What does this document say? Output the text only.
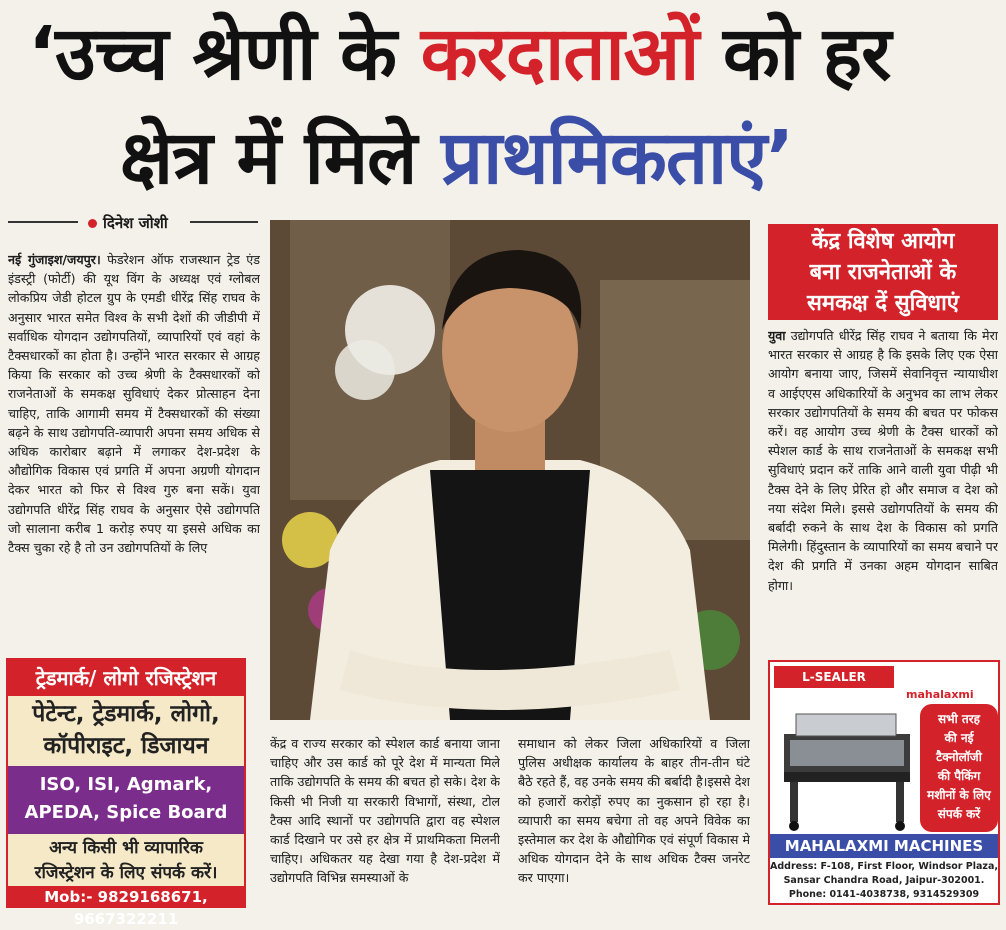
‘उच्च श्रेणी के करदाताओं को हर
क्षेत्र में मिले प्राथमिकताएं’
दिनेश जोशी
नई गुंजाइश/जयपुर। फेडरेशन ऑफ राजस्थान ट्रेड एंड इंडस्ट्री (फोर्टी) की यूथ विंग के अध्यक्ष एवं ग्लोबल लोकप्रिय जेडी होटल ग्रुप के एमडी धीरेंद्र सिंह राघव के अनुसार भारत समेत विश्व के सभी देशों की जीडीपी में सर्वाधिक योगदान उद्योगपतियों, व्यापारियों एवं वहां के टैक्सधारकों का होता है। उन्होंने भारत सरकार से आग्रह किया कि सरकार को उच्च श्रेणी के टैक्सधारकों को राजनेताओं के समकक्ष सुविधाएं देकर प्रोत्साहन देना चाहिए, ताकि आगामी समय में टैक्सधारकों की संख्या बढ़ने के साथ उद्योगपति-व्यापारी अपना समय अधिक से अधिक कारोबार बढ़ाने में लगाकर देश-प्रदेश के औद्योगिक विकास एवं प्रगति में अपना अग्रणी योगदान देकर भारत को फिर से विश्व गुरु बना सकें। युवा उद्योगपति धीरेंद्र सिंह राघव के अनुसार ऐसे उद्योगपति जो सालाना करीब 1 करोड़ रुपए या इससे अधिक का टैक्स चुका रहे है तो उन उद्योगपतियों के लिए
केंद्र व राज्य सरकार को स्पेशल कार्ड बनाया जाना चाहिए और उस कार्ड को पूरे देश में मान्यता मिले ताकि उद्योगपति के समय की बचत हो सके। देश के किसी भी निजी या सरकारी विभागों, संस्था, टोल टैक्स आदि स्थानों पर उद्योगपति द्वारा वह स्पेशल कार्ड दिखाने पर उसे हर क्षेत्र में प्राथमिकता मिलनी चाहिए। अधिकतर यह देखा गया है देश-प्रदेश में उद्योगपति विभिन्न समस्याओं के
समाधान को लेकर जिला अधिकारियों व जिला पुलिस अधीक्षक कार्यालय के बाहर तीन-तीन घंटे बैठे रहते हैं, वह उनके समय की बर्बादी है।इससे देश को हजारों करोड़ों रुपए का नुकसान हो रहा है। व्यापारी का समय बचेगा तो वह अपने विवेक का इस्तेमाल कर देश के औद्योगिक एवं संपूर्ण विकास मे अधिक योगदान देने के साथ अधिक टैक्स जनरेट कर पाएगा।
केंद्र विशेष आयोग
बना राजनेताओं के
समकक्ष दें सुविधाएं
युवा उद्योगपति धीरेंद्र सिंह राघव ने बताया कि मेरा भारत सरकार से आग्रह है कि इसके लिए एक ऐसा आयोग बनाया जाए, जिसमें सेवानिवृत्त न्यायाधीश व आईएएस अधिकारियों के अनुभव का लाभ लेकर सरकार उद्योगपतियों के समय की बचत पर फोकस करें। वह आयोग उच्च श्रेणी के टैक्स धारकों को स्पेशल कार्ड के साथ राजनेताओं के समकक्ष सभी सुविधाएं प्रदान करें ताकि आने वाली युवा पीढ़ी भी टैक्स देने के लिए प्रेरित हो और समाज व देश को नया संदेश मिले। इससे उद्योगपतियों के समय की बर्बादी रुकने के साथ देश के विकास को प्रगति मिलेगी। हिंदुस्तान के व्यापारियों का समय बचाने पर देश की प्रगति में उनका अहम योगदान साबित होगा।
ट्रेडमार्क/ लोगो रजिस्ट्रेशन
पेटेन्ट, ट्रेडमार्क, लोगो,
कॉपीराइट, डिजायन
ISO, ISI, Agmark,
APEDA, Spice Board
अन्य किसी भी व्यापारिक
रजिस्ट्रेशन के लिए संपर्क करें।
Mob:- 9829168671, 9667322211
L-SEALER MACHINS	mahalaxmi
सभी तरह
की नई
टैक्नोलॉजी
की पैकिंग
मशीनों के लिए
संपर्क करें
MAHALAXMI MACHINES
Address: F-108, First Floor, Windsor Plaza,
Sansar Chandra Road, Jaipur-302001.
Phone: 0141-4038738, 9314529309
